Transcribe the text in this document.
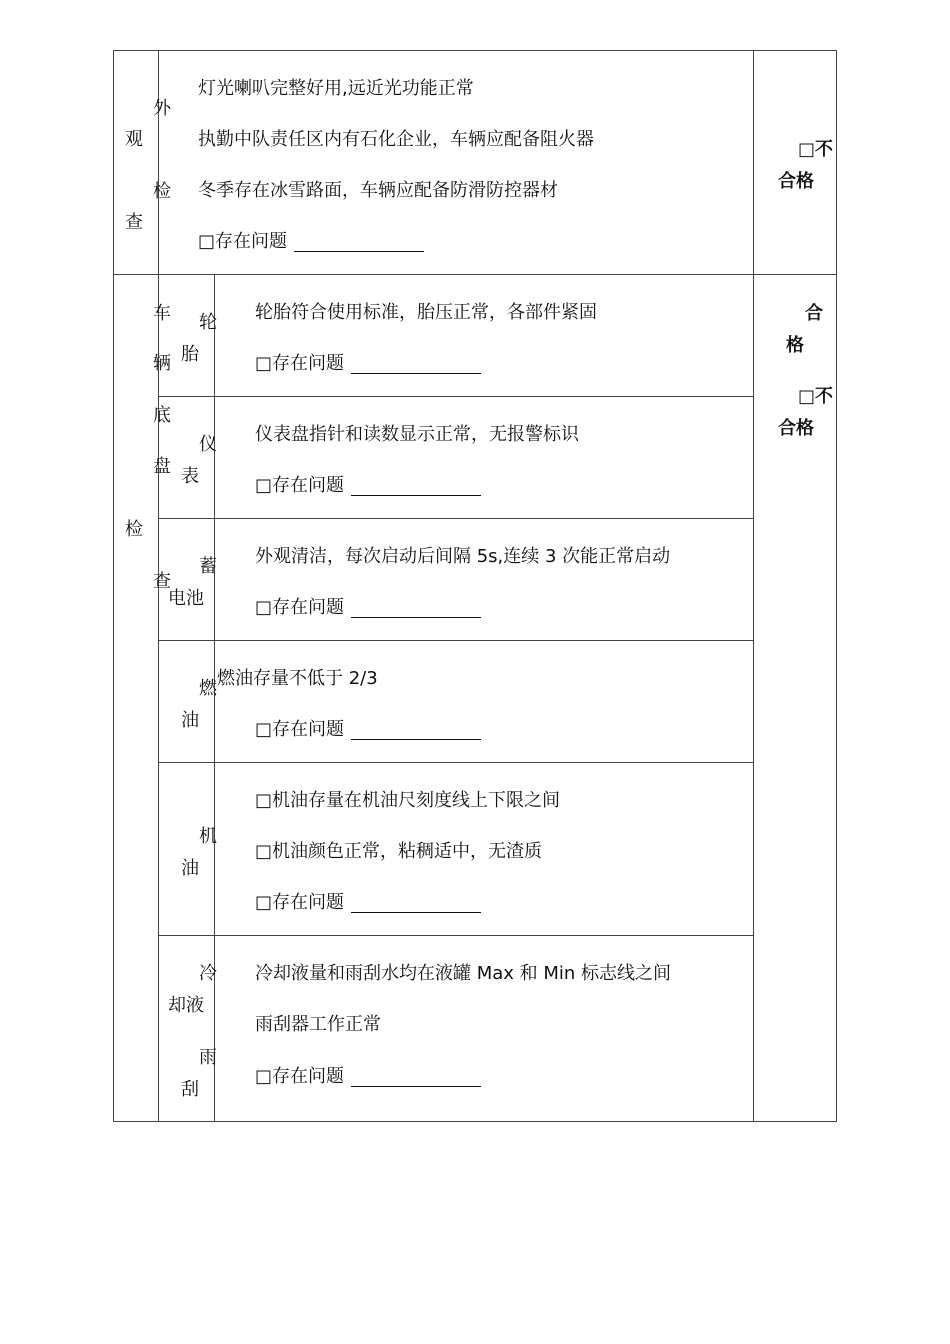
观
查
外
检
灯光喇叭完整好用,远近光功能正常
执勤中队责任区内有石化企业，车辆应配备阻火器
冬季存在冰雪路面，车辆应配备防滑防控器材
□存在问题
□不
合格
检
查
车
辆
底
盘
合
格
□不
合格
轮
胎
轮胎符合使用标准，胎压正常，各部件紧固
□存在问题
仪
表
仪表盘指针和读数显示正常，无报警标识
□存在问题
蓄
电池
外观清洁，每次启动后间隔 5s,连续 3 次能正常启动
□存在问题
燃
油
燃油存量不低于 2/3
□存在问题
机
油
□机油存量在机油尺刻度线上下限之间
□机油颜色正常，粘稠适中，无渣质
□存在问题
冷
却液
雨
刮
冷却液量和雨刮水均在液罐 Max 和 Min 标志线之间
雨刮器工作正常
□存在问题
